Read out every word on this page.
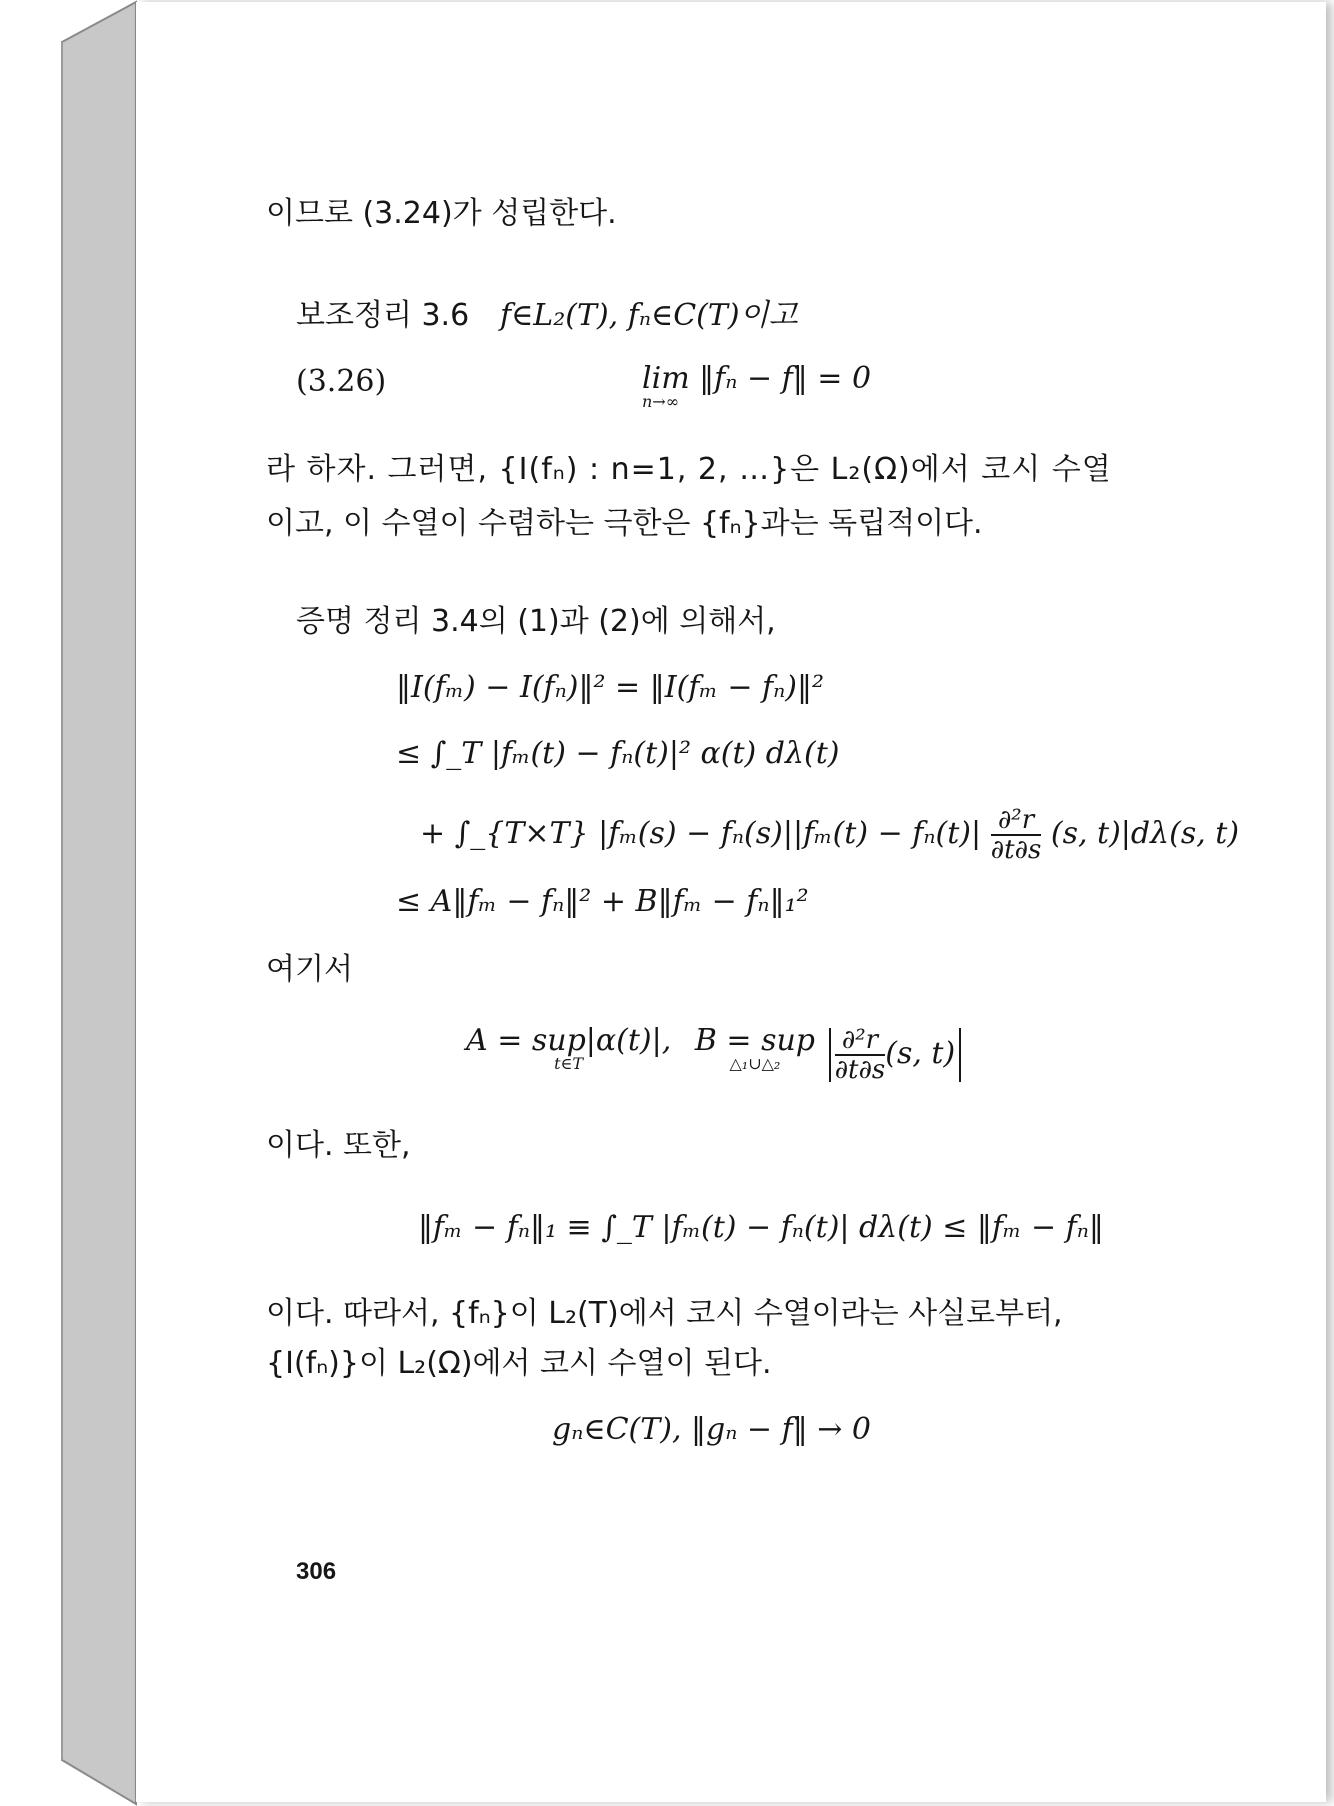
이므로 (3.24)가 성립한다.
보조정리 3.6 f∈L₂(T), fₙ∈C(T)이고
(3.26)	lim ‖fₙ − f‖ = 0
n→∞
라 하자. 그러면, {I(fₙ) : n=1, 2, …}은 L₂(Ω)에서 코시 수열
이고, 이 수열이 수렴하는 극한은 {fₙ}과는 독립적이다.
증명 정리 3.4의 (1)과 (2)에 의해서,
‖I(fₘ) − I(fₙ)‖² = ‖I(fₘ − fₙ)‖²
≤ ∫_T |fₘ(t) − fₙ(t)|² α(t) dλ(t)
+ ∫_{T×T} $|f_m(s) - f_n(s)||f_m(t) - f_n(t)| \frac{\text{∂²r}}{\partial t\partial s} (s$, t)|dλ(s, t)
≤ A‖fₘ − fₙ‖² + B‖fₘ − fₙ‖₁²
여기서
A = sup|α(t)|,
t∈T
B = sup
△₁∪△₂
	$\frac{\text{∂²r}}{\partial t\partial s} (s$, t)
이다. 또한,
‖fₘ − fₙ‖₁ ≡ ∫_T |fₘ(t) − fₙ(t)| dλ(t) ≤ ‖fₘ − fₙ‖
이다. 따라서, {fₙ}이 L₂(T)에서 코시 수열이라는 사실로부터,
{I(fₙ)}이 L₂(Ω)에서 코시 수열이 된다.
gₙ∈C(T), ‖gₙ − f‖ → 0
306
